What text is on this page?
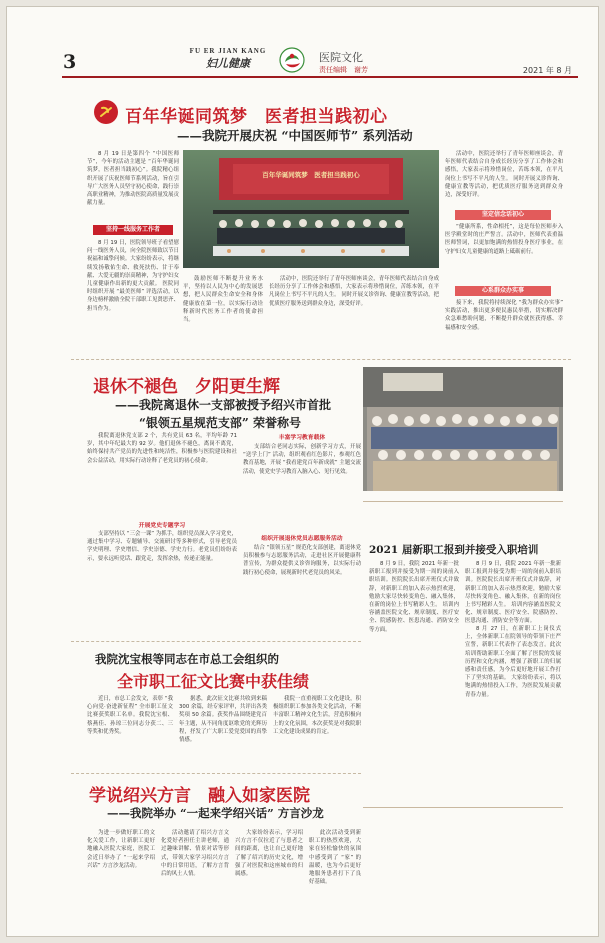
3	FU ER JIAN KANG
妇儿健康	医院文化
责任编辑　谢芳	2021 年 8 月
百年华诞同筑梦　医者担当践初心
——我院开展庆祝 “中国医师节” 系列活动
8 月 19 日是第四个 “中国医师节”，今年的活动主题是 “百年华诞同筑梦，医者担当践初心”。我院精心组织开展了庆祝医师节系列活动，旨在引导广大医务人员坚守初心使命，践行崇高职业精神，为推动医院高质量发展贡献力量。
坚持一线服务工作者
8 月 19 日，医院领导班子看望慰问一线医务人员，向全院医师致以节日祝福和诚挚问候。大家纷纷表示，将继续发扬敬佑生命、救死扶伤、甘于奉献、大爱无疆的崇高精神，为守护妇女儿童健康作出新的更大贡献。 医院同时组织开展 “最美医师” 评选活动，以身边榜样激励全院干部职工见贤思齐、担当作为。
百年华诞同筑梦　医者担当践初心
鼓励医师不断提升业务水平，坚持以人民为中心的发展思想，把人民群众生命安全和身体健康放在第一位，以实际行动诠释新时代医务工作者的使命担当。
活动中，医院还举行了青年医师座谈会，青年医师代表结合自身成长经历分享了工作体会和感悟，大家表示将珍惜岗位，苦练本领，在平凡岗位上书写不平凡的人生。 同时开展义诊咨询、健康宣教等活动，把优质医疗服务送到群众身边，深受好评。
活动中，医院还举行了青年医师座谈会，青年医师代表结合自身成长经历分享了工作体会和感悟，大家表示将珍惜岗位，苦练本领，在平凡岗位上书写不平凡的人生。 同时开展义诊咨询、健康宣教等活动，把优质医疗服务送到群众身边，深受好评。
坚定信念话初心
“健康所系，性命相托”，这是每位医师步入医学殿堂时的庄严誓言。活动中，医师代表重温医师誓词，以更加饱满的热情投身医疗事业，在守护妇女儿童健康的道路上砥砺前行。
心系群众办实事
接下来，我院将持续深化 “我为群众办实事” 实践活动，推出更多便民惠民举措，切实解决群众急难愁盼问题，不断提升群众就医获得感、幸福感和安全感。
退休不褪色　夕阳更生辉
——我院离退休一支部被授予绍兴市首批
“银领五星规范支部” 荣誉称号
我院离退休党支部 2 个，共有党员 63 名，平均年龄 71 岁，其中年纪最大的 92 岁。他们退休不褪色，离岗不离党，始终保持共产党员的先进性和纯洁性，积极参与医院建设和社会公益活动，用实际行动诠释了老党员的初心使命。
开展党史专题学习
支部坚持以 “三会一课” 为抓手，组织党员深入学习党史，通过集中学习、专题辅导、交流研讨等多种形式，引导老党员学史明理、学史增信、学史崇德、学史力行。老党员们纷纷表示，要永远听党话、跟党走，发挥余热，传递正能量。
丰富学习教育载体
支部结合老同志实际，创新学习方式，开展 “送学上门” 活动，组织观看红色影片，参观红色教育基地，开展 “我看建党百年新成就” 主题交流活动，使党史学习教育入脑入心、见行见效。
组织开展退休党员志愿服务活动
结合 “银领五星” 规范化支部创建，离退休党员积极参与志愿服务活动，走进社区开展健康科普宣传，为群众提供义诊咨询服务，以实际行动践行初心使命，展现新时代老党员的风采。
2021 届新职工报到并接受入职培训
8 月 9 日，我院 2021 年新一批新职工报到并接受为期一周的岗前入职培训。医院院长出席开班仪式并致辞，对新职工的加入表示热烈欢迎，勉励大家尽快转变角色、融入集体，在新的岗位上书写精彩人生。 培训内容涵盖医院文化、规章制度、医疗安全、院感防控、医患沟通、消防安全等方面。
8 月 9 日，我院 2021 年新一批新职工报到并接受为期一周的岗前入职培训。医院院长出席开班仪式并致辞，对新职工的加入表示热烈欢迎，勉励大家尽快转变角色、融入集体，在新的岗位上书写精彩人生。 培训内容涵盖医院文化、规章制度、医疗安全、院感防控、医患沟通、消防安全等方面。
8 月 27 日，在新职工上岗仪式上，全体新职工在院领导的带领下庄严宣誓，新职工代表作了表态发言。此次培训帮助新职工全面了解了医院的发展历程和文化内涵，增强了新职工的归属感和责任感，为今后更好地开展工作打下了坚实的基础。 大家纷纷表示，将以饱满的热情投入工作，为医院发展贡献青春力量。
我院沈宝根等同志在市总工会组织的
全市职工征文比赛中获佳绩
近日，市总工会发文，表彰 “我心向党·奋进新征程” 全市职工征文比赛获奖职工名单。我院沈宝根、蔡燕佳、孙琼三位同志分获二、三等奖和优秀奖。
据悉，此次征文比赛共收到来稿 300 余篇，经专家评审，共评出各类奖项 50 余篇。获奖作品围绕建党百年主题，从不同角度讴歌党的光辉历程，抒发了广大职工爱党爱国的真挚情感。
我院一直重视职工文化建设，积极组织职工参加各类文化活动，不断丰富职工精神文化生活，营造积极向上的文化氛围，本次获奖是对我院职工文化建设成果的肯定。
学说绍兴方言　融入如家医院
——我院举办 “一起来学绍兴话” 方言沙龙
为进一步做好职工的文化关爱工作，让新职工更好地融入医院大家庭，医院工会近日举办了 “一起来学绍兴话” 方言沙龙活动。
活动邀请了绍兴方言文化爱好者担任主讲老师，通过趣味讲解、情景对话等形式，带领大家学习绍兴方言中的日常用语，了解方言背后的风土人情。
大家纷纷表示，学习绍兴方言不仅拉近了与患者之间的距离，也让自己更好地了解了绍兴的历史文化，增强了对医院和这座城市的归属感。
此次活动受到新职工的热烈欢迎，大家在轻松愉快的氛围中感受到了 “家” 的温暖，也为今后更好地服务患者打下了良好基础。
